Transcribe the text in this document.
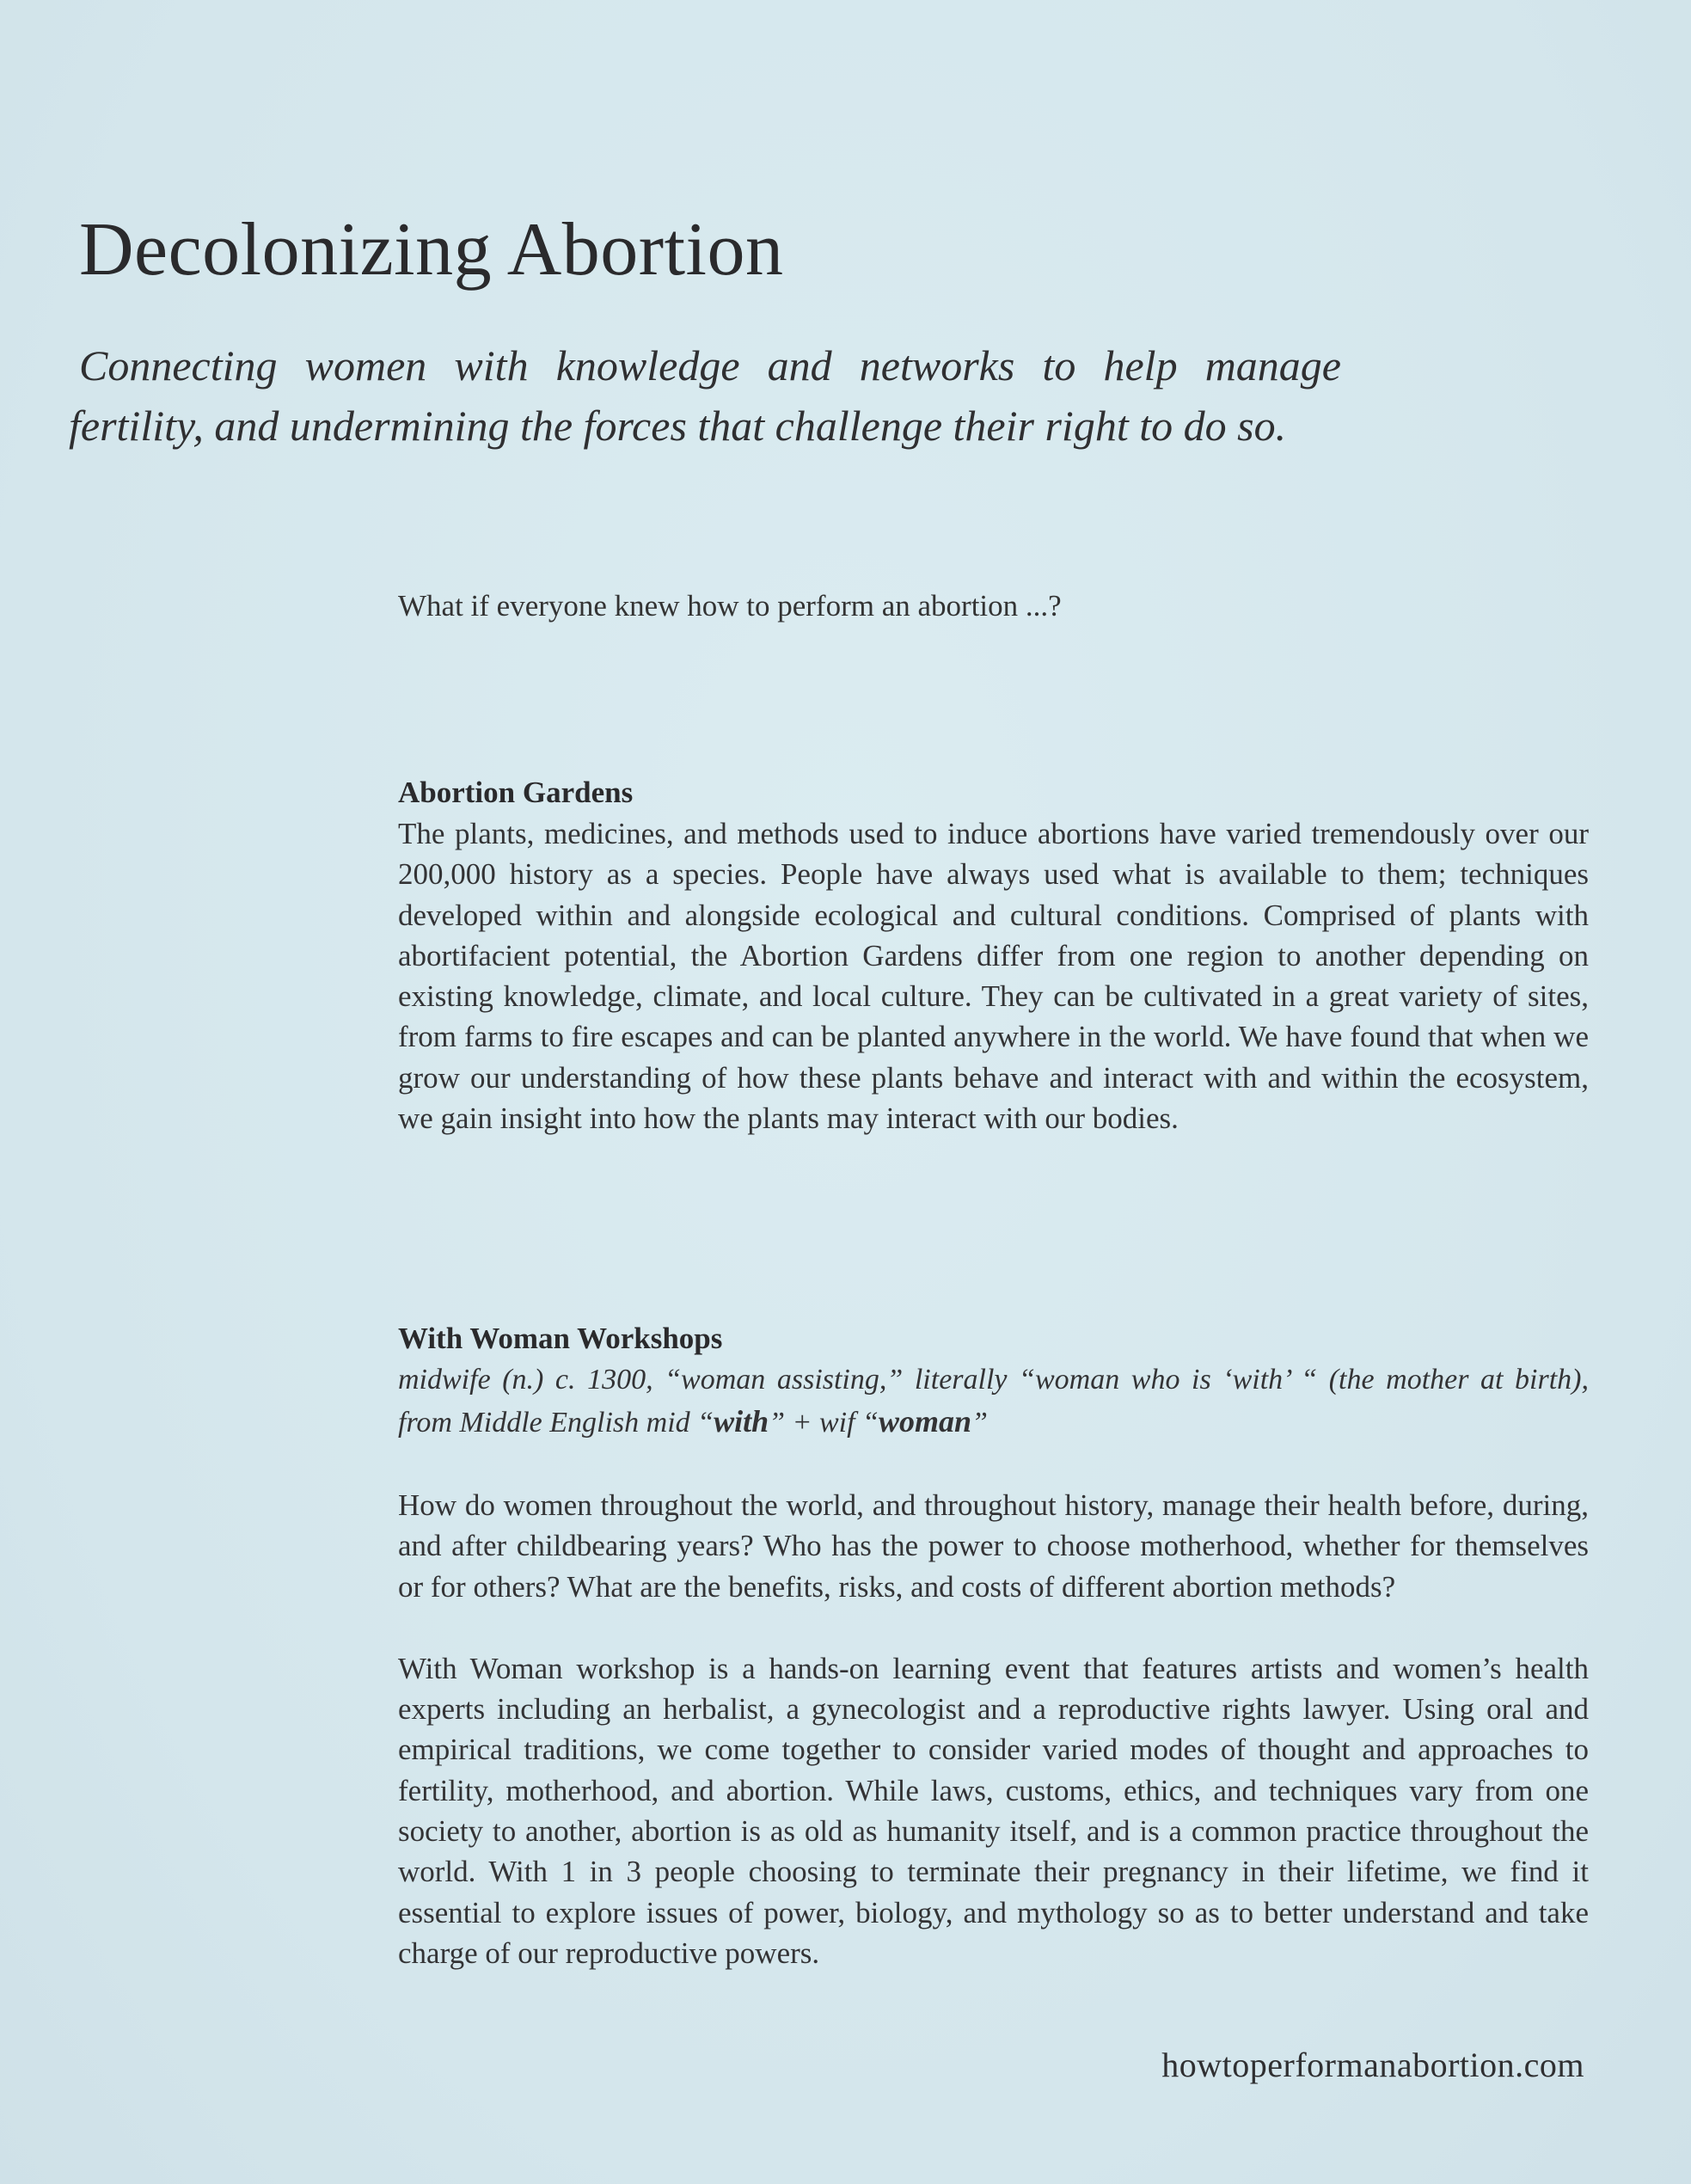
Decolonizing Abortion

Connecting women with knowledge and networks to help manage
fertility, and undermining the forces that challenge their right to do so.

What if everyone knew how to perform an abortion ...?

Abortion Gardens

The plants, medicines, and methods used to induce abortions have varied tremendously over our 200,000 history as a species. People have always used what is available to them; techniques developed within and alongside ecological and cultural conditions. Comprised of plants with abortifacient potential, the Abortion Gardens differ from one region to another depending on existing knowledge, climate, and local culture. They can be cultivated in a great variety of sites, from farms to fire escapes and can be planted anywhere in the world. We have found that when we grow our understanding of how these plants behave and interact with and within the ecosystem, we gain insight into how the plants may interact with our bodies.

With Woman Workshops

midwife (n.) c. 1300, “woman assisting,” literally “woman who is ‘with’ “ (the mother at birth),
from Middle English mid “with” + wif “woman”

How do women throughout the world, and throughout history, manage their health before, during, and after childbearing years? Who has the power to choose motherhood, whether for themselves or for others? What are the benefits, risks, and costs of different abortion methods?

With Woman workshop is a hands-on learning event that features artists and women’s health experts including an herbalist, a gynecologist and a reproductive rights lawyer. Using oral and empirical traditions, we come together to consider varied modes of thought and approaches to fertility, motherhood, and abortion. While laws, customs, ethics, and techniques vary from one society to another, abortion is as old as humanity itself, and is a common practice throughout the world. With 1 in 3 people choosing to terminate their pregnancy in their lifetime, we find it essential to explore issues of power, biology, and mythology so as to better understand and take charge of our reproductive powers.

howtoperformanabortion.com
